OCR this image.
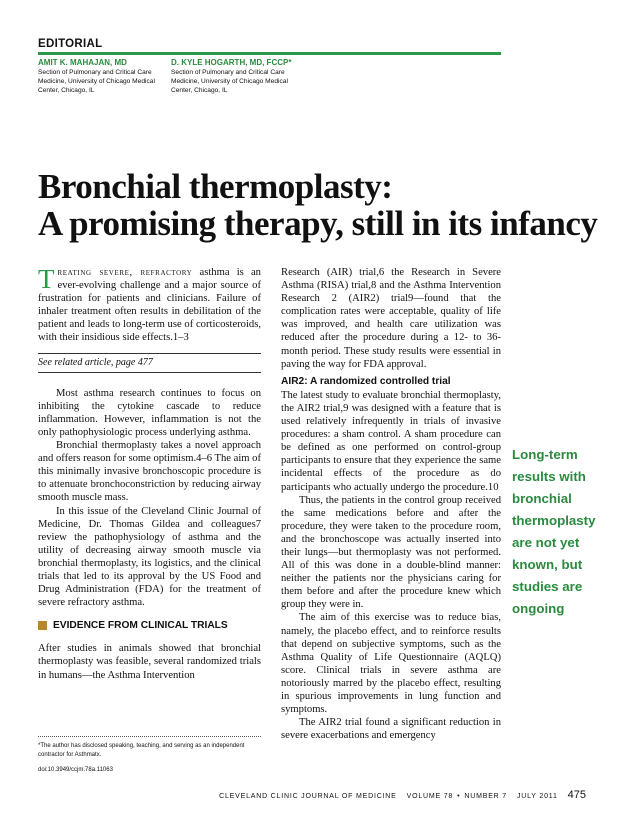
EDITORIAL
AMIT K. MAHAJAN, MD
Section of Pulmonary and Critical Care Medicine, University of Chicago Medical Center, Chicago, IL
D. KYLE HOGARTH, MD, FCCP*
Section of Pulmonary and Critical Care Medicine, University of Chicago Medical Center, Chicago, IL
Bronchial thermoplasty:
A promising therapy, still in its infancy

Treating severe, refractory asthma is an ever-evolving challenge and a major source of frustration for patients and clinicians. Failure of inhaler treatment often results in debilitation of the patient and leads to long-term use of corticosteroids, with their insidious side effects.1–3

See related article, page 477

Most asthma research continues to focus on inhibiting the cytokine cascade to reduce inflammation. However, inflammation is not the only pathophysiologic process underlying asthma.

Bronchial thermoplasty takes a novel approach and offers reason for some optimism.4–6 The aim of this minimally invasive bronchoscopic procedure is to attenuate bronchoconstriction by reducing airway smooth muscle mass.

In this issue of the Cleveland Clinic Journal of Medicine, Dr. Thomas Gildea and colleagues7 review the pathophysiology of asthma and the utility of decreasing airway smooth muscle via bronchial thermoplasty, its logistics, and the clinical trials that led to its approval by the US Food and Drug Administration (FDA) for the treatment of severe refractory asthma.

EVIDENCE FROM CLINICAL TRIALS

After studies in animals showed that bronchial thermoplasty was feasible, several randomized trials in humans—the Asthma Intervention

Research (AIR) trial,6 the Research in Severe Asthma (RISA) trial,8 and the Asthma Intervention Research 2 (AIR2) trial9—found that the complication rates were acceptable, quality of life was improved, and health care utilization was reduced after the procedure during a 12- to 36-month period. These study results were essential in paving the way for FDA approval.

AIR2: A randomized controlled trial

The latest study to evaluate bronchial thermoplasty, the AIR2 trial,9 was designed with a feature that is used relatively infrequently in trials of invasive procedures: a sham control. A sham procedure can be defined as one performed on control-group participants to ensure that they experience the same incidental effects of the procedure as do participants who actually undergo the procedure.10

Thus, the patients in the control group received the same medications before and after the procedure, they were taken to the procedure room, and the bronchoscope was actually inserted into their lungs—but thermoplasty was not performed. All of this was done in a double-blind manner: neither the patients nor the physicians caring for them before and after the procedure knew which group they were in.

The aim of this exercise was to reduce bias, namely, the placebo effect, and to reinforce results that depend on subjective symptoms, such as the Asthma Quality of Life Questionnaire (AQLQ) score. Clinical trials in severe asthma are notoriously marred by the placebo effect, resulting in spurious improvements in lung function and symptoms.

The AIR2 trial found a significant reduction in severe exacerbations and emergency

Long-term results with bronchial thermoplasty are not yet known, but studies are ongoing
*The author has disclosed speaking, teaching, and serving as an independent contractor for Asthmatx.
doi:10.3949/ccjm.78a.11063
CLEVELAND CLINIC JOURNAL OF MEDICINE VOLUME 78 • NUMBER 7 JULY 2011 475
